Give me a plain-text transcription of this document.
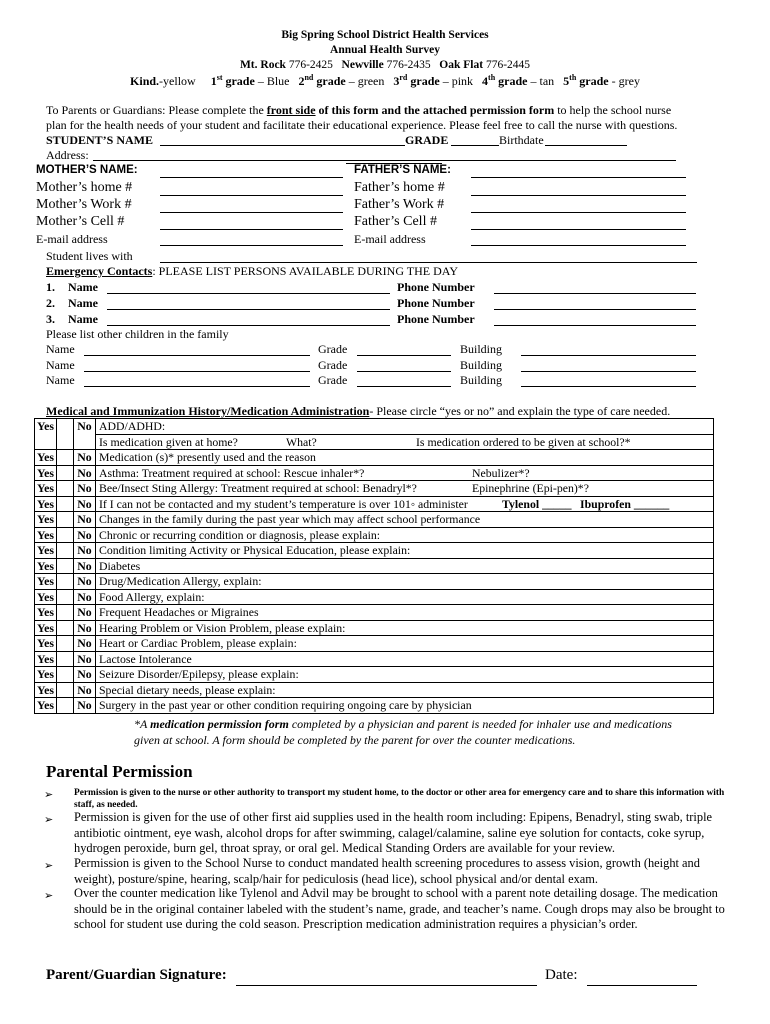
Big Spring School District Health Services
Annual Health Survey
Mt. Rock 776-2425 Newville 776-2435 Oak Flat 776-2445
Kind.-yellow 1st grade – Blue 2nd grade – green 3rd grade – pink 4th grade – tan 5th grade - grey
To Parents or Guardians: Please complete the front side of this form and the attached permission form to help the school nurse
plan for the health needs of your student and facilitate their educational experience. Please feel free to call the nurse with questions.
STUDENT’S NAME	GRADE	Birthdate
Address:
MOTHER’S NAME:	FATHER’S NAME:
Mother’s home #	Father’s home #
Mother’s Work #	Father’s Work #
Mother’s Cell #	Father’s Cell #
E-mail address	E-mail address
Student lives with
Emergency Contacts: PLEASE LIST PERSONS AVAILABLE DURING THE DAY
1. Name	Phone Number
2. Name	Phone Number
3. Name	Phone Number
Please list other children in the family
Name	Grade	Building
Name	Grade	Building
Name	Grade	Building
Medical and Immunization History/Medication Administration- Please circle “yes or no” and explain the type of care needed.
Yes		No	ADD/ADHD:
			Is medication given at home? What? Is medication ordered to be given at school?*

Yes		No	Medication (s)* presently used and the reason
Yes		No	Asthma: Treatment required at school: Rescue inhaler*? Nebulizer*?

Yes		No	Bee/Insect Sting Allergy: Treatment required at school: Benadryl*? Epinephrine (Epi-pen)*?

Yes		No	If I can not be contacted and my student’s temperature is over 101◦ administer Tylenol _____ Ibuprofen ______

Yes		No	Changes in the family during the past year which may affect school performance
Yes		No	Chronic or recurring condition or diagnosis, please explain:
Yes		No	Condition limiting Activity or Physical Education, please explain:
Yes		No	Diabetes
Yes		No	Drug/Medication Allergy, explain:
Yes		No	Food Allergy, explain:
Yes		No	Frequent Headaches or Migraines
Yes		No	Hearing Problem or Vision Problem, please explain:
Yes		No	Heart or Cardiac Problem, please explain:
Yes		No	Lactose Intolerance
Yes		No	Seizure Disorder/Epilepsy, please explain:
Yes		No	Special dietary needs, please explain:
Yes		No	Surgery in the past year or other condition requiring ongoing care by physician
*A medication permission form completed by a physician and parent is needed for inhaler use and medications
given at school. A form should be completed by the parent for over the counter medications.
Parental Permission
➢ Permission is given to the nurse or other authority to transport my student home, to the doctor or other area for emergency care and to share this information with staff, as needed.
➢ Permission is given for the use of other first aid supplies used in the health room including: Epipens, Benadryl, sting swab, triple antibiotic ointment, eye wash, alcohol drops for after swimming, calagel/calamine, saline eye solution for contacts, coke syrup, hydrogen peroxide, burn gel, throat spray, or oral gel. Medical Standing Orders are available for your review.
➢ Permission is given to the School Nurse to conduct mandated health screening procedures to assess vision, growth (height and weight), posture/spine, hearing, scalp/hair for pediculosis (head lice), school physical and/or dental exam.
➢ Over the counter medication like Tylenol and Advil may be brought to school with a parent note detailing dosage. The medication should be in the original container labeled with the student’s name, grade, and teacher’s name. Cough drops may also be brought to school for student use during the cold season. Prescription medication administration requires a physician’s order.
Parent/Guardian Signature:	Date:
